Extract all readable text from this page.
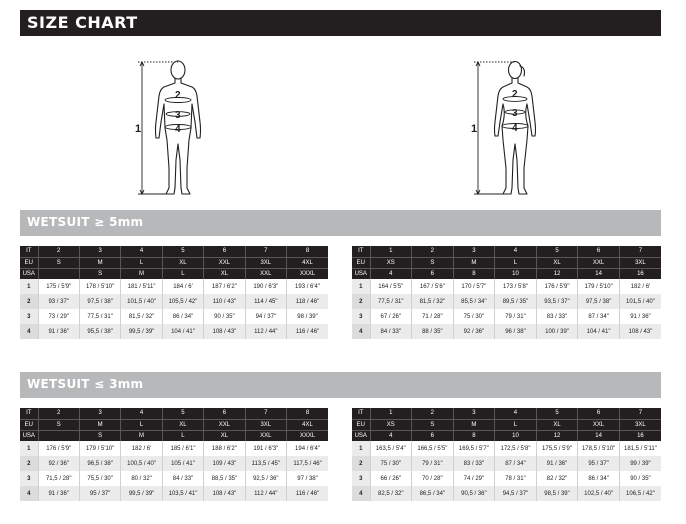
SIZE CHART
1
2
3
4	1
2
3
4
WETSUIT ≥ 5mm
IT	2	3	4	5	6	7	8
EU	S	M	L	XL	XXL	3XL	4XL
USA		S	M	L	XL	XXL	XXXL
1	175 / 5'9"	178 / 5'10"	181 / 5'11"	184 / 6'	187 / 6'2"	190 / 6'3"	193 / 6'4"
2	93 / 37"	97,5 / 38"	101,5 / 40"	105,5 / 42"	110 / 43"	114 / 45"	118 / 46"
3	73 / 29"	77,5 / 31"	81,5 / 32"	86 / 34"	90 / 35"	94 / 37"	98 / 39"
4	91 / 36"	95,5 / 38"	99,5 / 39"	104 / 41"	108 / 43"	112 / 44"	116 / 46"
IT	1	2	3	4	5	6	7
EU	XS	S	M	L	XL	XXL	3XL
USA	4	6	8	10	12	14	16
1	164 / 5'5"	167 / 5'6"	170 / 5'7"	173 / 5'8"	176 / 5'9"	179 / 5'10"	182 / 6'
2	77,5 / 31"	81,5 / 32"	85,5 / 34"	89,5 / 35"	93,5 / 37"	97,5 / 38"	101,5 / 40"
3	67 / 26"	71 / 28"	75 / 30"	79 / 31"	83 / 33"	87 / 34"	91 / 36"
4	84 / 33"	88 / 35"	92 / 36"	96 / 38"	100 / 39"	104 / 41"	108 / 43"
WETSUIT ≤ 3mm
IT	2	3	4	5	6	7	8
EU	S	M	L	XL	XXL	3XL	4XL
USA		S	M	L	XL	XXL	XXXL
1	176 / 5'9"	179 / 5'10"	182 / 6'	185 / 6'1"	188 / 6'2"	191 / 6'3"	194 / 6'4"
2	92 / 36"	96,5 / 38"	100,5 / 40"	105 / 41"	109 / 43"	113,5 / 45"	117,5 / 46"
3	71,5 / 28"	75,5 / 30"	80 / 32"	84 / 33"	88,5 / 35"	92,5 / 36"	97 / 38"
4	91 / 36"	95 / 37"	99,5 / 39"	103,5 / 41"	108 / 43"	112 / 44"	116 / 46"
IT	1	2	3	4	5	6	7
EU	XS	S	M	L	XL	XXL	3XL
USA	4	6	8	10	12	14	16
1	163,5 / 5'4"	166,5 / 5'5"	169,5 / 5'7"	172,5 / 5'8"	175,5 / 5'9"	178,5 / 5'10"	181,5 / 5'11"
2	75 / 30"	79 / 31"	83 / 33"	87 / 34"	91 / 36"	95 / 37"	99 / 39"
3	66 / 26"	70 / 28"	74 / 29"	78 / 31"	82 / 32"	86 / 34"	90 / 35"
4	82,5 / 32"	86,5 / 34"	90,5 / 36"	94,5 / 37"	98,5 / 39"	102,5 / 40"	106,5 / 42"
